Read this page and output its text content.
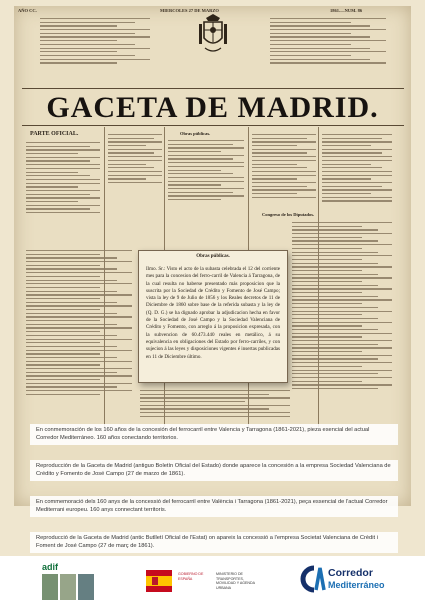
AÑO CC.	MIERCOLES 27 DE MARZO	1861.—NUM. 86
GACETA DE MADRID.
PARTE OFICIAL.	Obras públicas.
Congreso de los Diputados.
Obras públicas.
Ilmo. Sr.: Visto el acto de la subasta celebrada el 12 del corriente mes para la concesion del ferro-carril de Valencia á Tarragona, de la cual resulta no haberse presentado más proposicion que la suscrita por la Sociedad de Crédito y Fomento de José Campo; vista la ley de 9 de Julio de 1856 y los Reales decretos de 11 de Diciembre de 1860 sobre base de la referida subasta y la ley de (Q. D. G.) se ha dignado aprobar la adjudicacion hecha en favor de la Sociedad de José Campo y la Sociedad Valenciana de Crédito y Fomento, con arreglo á la proposicion expresada, con la subvencion de 60.473.440 reales en metálico, á su equivalencia en obligaciones del Estado por ferro-carriles, y con sujecion á las leyes y disposiciones vigentes é insertas publicadas en 11 de Diciembre último.
En conmemoración de los 160 años de la concesión del ferrocarril entre Valencia y Tarragona (1861-2021), pieza esencial del actual Corredor Mediterráneo. 160 años conectando territorios.
Reproducción de la Gaceta de Madrid (antiguo Boletín Oficial del Estado) donde aparece la concesión a la empresa Sociedad Valenciana de Crédito y Fomento de José Campo (27 de marzo de 1861).
En commemoració dels 160 anys de la concessió del ferrocarril entre València i Tarragona (1861-2021), peça essencial de l'actual Corredor Mediterrani europeu. 160 anys connectant territoris.
Reproducció de la Gaceta de Madrid (antic Butlletí Oficial de l'Estat) on apareix la concessió a l'empresa Societat Valenciana de Crèdit i Foment de José Campo (27 de març de 1861).
adif
GOBIERNO DE ESPAÑA
MINISTERIO DE TRANSPORTES, MOVILIDAD Y AGENDA URBANA
Corredor
Mediterráneo
